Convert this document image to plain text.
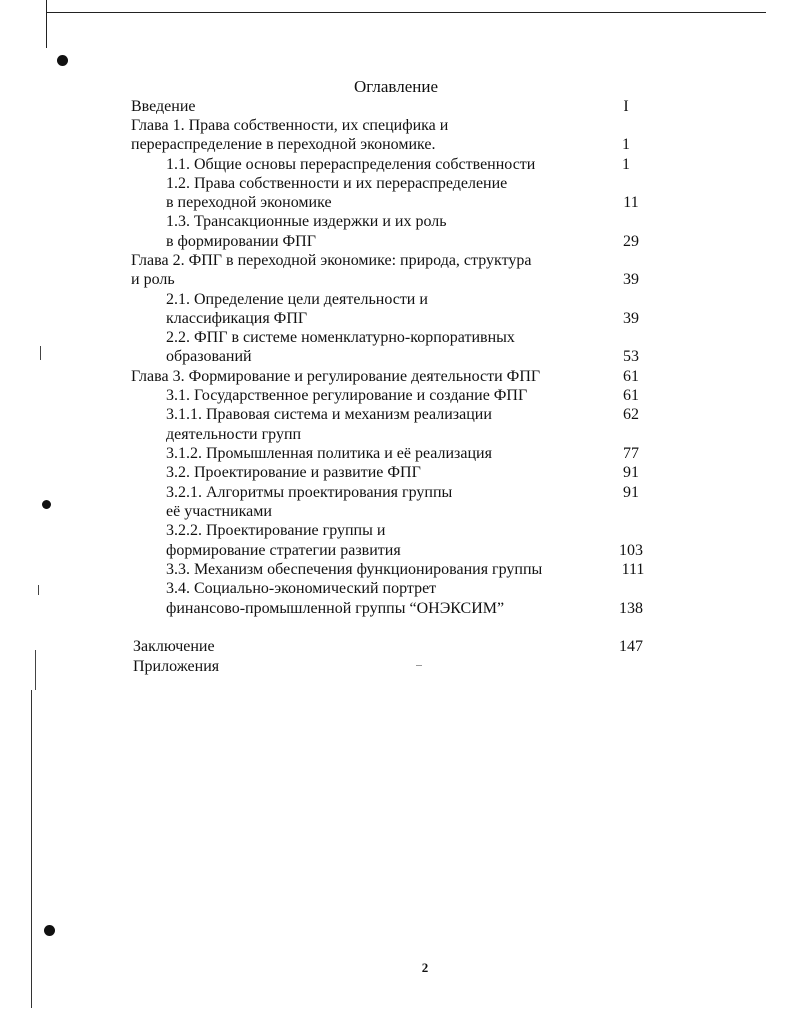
Оглавление
Введение	I
Глава 1. Права собственности, их специфика и
перераспределение в переходной экономике.	1
1.1. Общие основы перераспределения собственности	1
1.2. Права собственности и их перераспределение
в переходной экономике	11
1.3. Трансакционные издержки и их роль
в формировании ФПГ	29
Глава 2. ФПГ в переходной экономике: природа, структура
и роль	39
2.1. Определение цели деятельности и
классификация ФПГ	39
2.2. ФПГ в системе номенклатурно-корпоративных
образований	53
Глава 3. Формирование и регулирование деятельности ФПГ	61
3.1. Государственное регулирование и создание ФПГ	61
3.1.1. Правовая система и механизм реализации	62
деятельности групп
3.1.2. Промышленная политика и её реализация	77
3.2. Проектирование и развитие ФПГ	91
3.2.1. Алгоритмы проектирования группы	91
её участниками
3.2.2. Проектирование группы и
формирование стратегии развития	103
3.3. Механизм обеспечения функционирования группы	111
3.4. Социально-экономический портрет
финансово-промышленной группы “ОНЭКСИМ”	138
Заключение	147
Приложения
2
